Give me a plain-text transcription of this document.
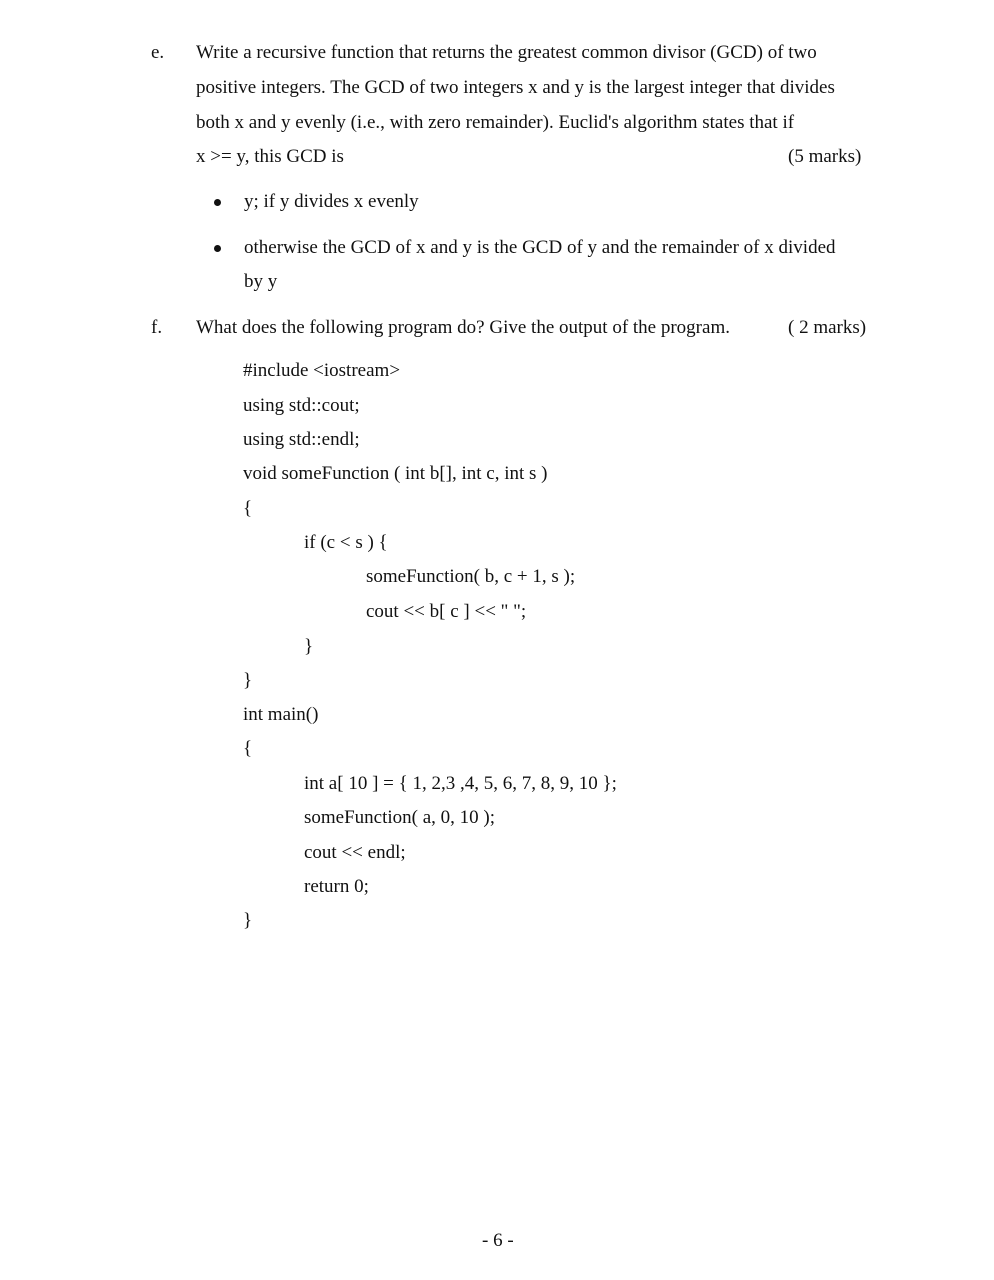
e. Write a recursive function that returns the greatest common divisor (GCD) of two
positive integers. The GCD of two integers x and y is the largest integer that divides
both x and y evenly (i.e., with zero remainder). Euclid's algorithm states that if
x >= y, this GCD is	(5 marks)
y; if y divides x evenly
otherwise the GCD of x and y is the GCD of y and the remainder of x divided
by y
f. What does the following program do? Give the output of the program.	( 2 marks)
#include <iostream>
using std::cout;
using std::endl;
void someFunction ( int b[], int c, int s )
{
if (c < s ) {
someFunction( b, c + 1, s );
cout << b[ c ] << " ";
}
}
int main()
{
int a[ 10 ] = { 1, 2,3 ,4, 5, 6, 7, 8, 9, 10 };
someFunction( a, 0, 10 );
cout << endl;
return 0;
}
- 6 -
